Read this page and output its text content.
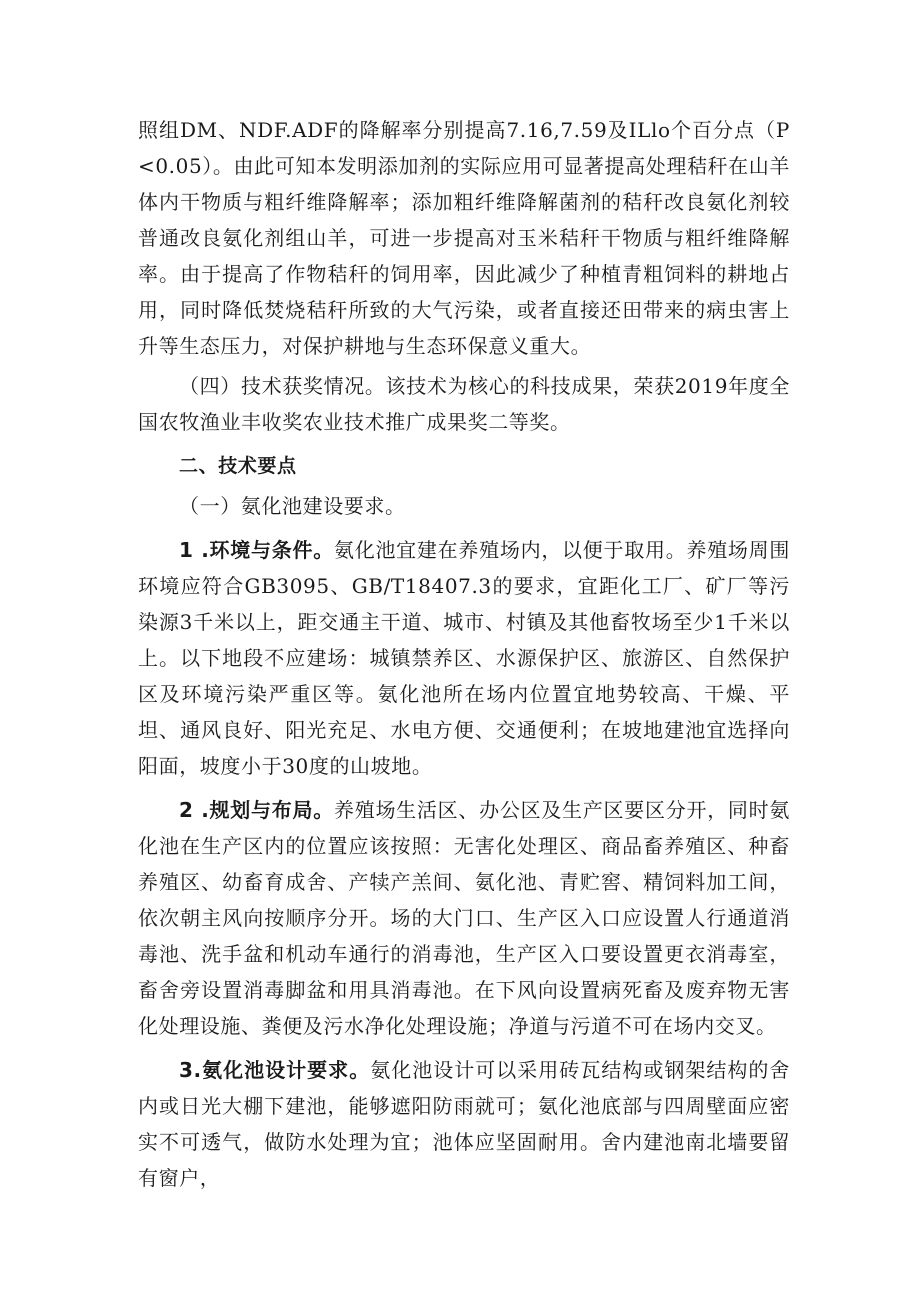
照组DM、NDF.ADF的降解率分别提高7.16,7.59及ILlo个百分点（P<0.05）。由此可知本发明添加剂的实际应用可显著提高处理秸秆在山羊体内干物质与粗纤维降解率；添加粗纤维降解菌剂的秸秆改良氨化剂较普通改良氨化剂组山羊，可进一步提高对玉米秸秆干物质与粗纤维降解率。由于提高了作物秸秆的饲用率，因此减少了种植青粗饲料的耕地占用，同时降低焚烧秸秆所致的大气污染，或者直接还田带来的病虫害上升等生态压力，对保护耕地与生态环保意义重大。

（四）技术获奖情况。该技术为核心的科技成果，荣获2019年度全国农牧渔业丰收奖农业技术推广成果奖二等奖。

二、技术要点

（一）氨化池建设要求。

1 .环境与条件。氨化池宜建在养殖场内，以便于取用。养殖场周围环境应符合GB3095、GB/T18407.3的要求，宜距化工厂、矿厂等污染源3千米以上，距交通主干道、城市、村镇及其他畜牧场至少1千米以上。以下地段不应建场：城镇禁养区、水源保护区、旅游区、自然保护区及环境污染严重区等。氨化池所在场内位置宜地势较高、干燥、平坦、通风良好、阳光充足、水电方便、交通便利；在坡地建池宜选择向阳面，坡度小于30度的山坡地。

2 .规划与布局。养殖场生活区、办公区及生产区要区分开，同时氨化池在生产区内的位置应该按照：无害化处理区、商品畜养殖区、种畜养殖区、幼畜育成舍、产犊产羔间、氨化池、青贮窖、精饲料加工间，依次朝主风向按顺序分开。场的大门口、生产区入口应设置人行通道消毒池、洗手盆和机动车通行的消毒池，生产区入口要设置更衣消毒室，畜舍旁设置消毒脚盆和用具消毒池。在下风向设置病死畜及废弃物无害化处理设施、粪便及污水净化处理设施；净道与污道不可在场内交叉。

3.氨化池设计要求。氨化池设计可以采用砖瓦结构或钢架结构的舍内或日光大棚下建池，能够遮阳防雨就可；氨化池底部与四周壁面应密实不可透气，做防水处理为宜；池体应坚固耐用。舍内建池南北墙要留有窗户，
